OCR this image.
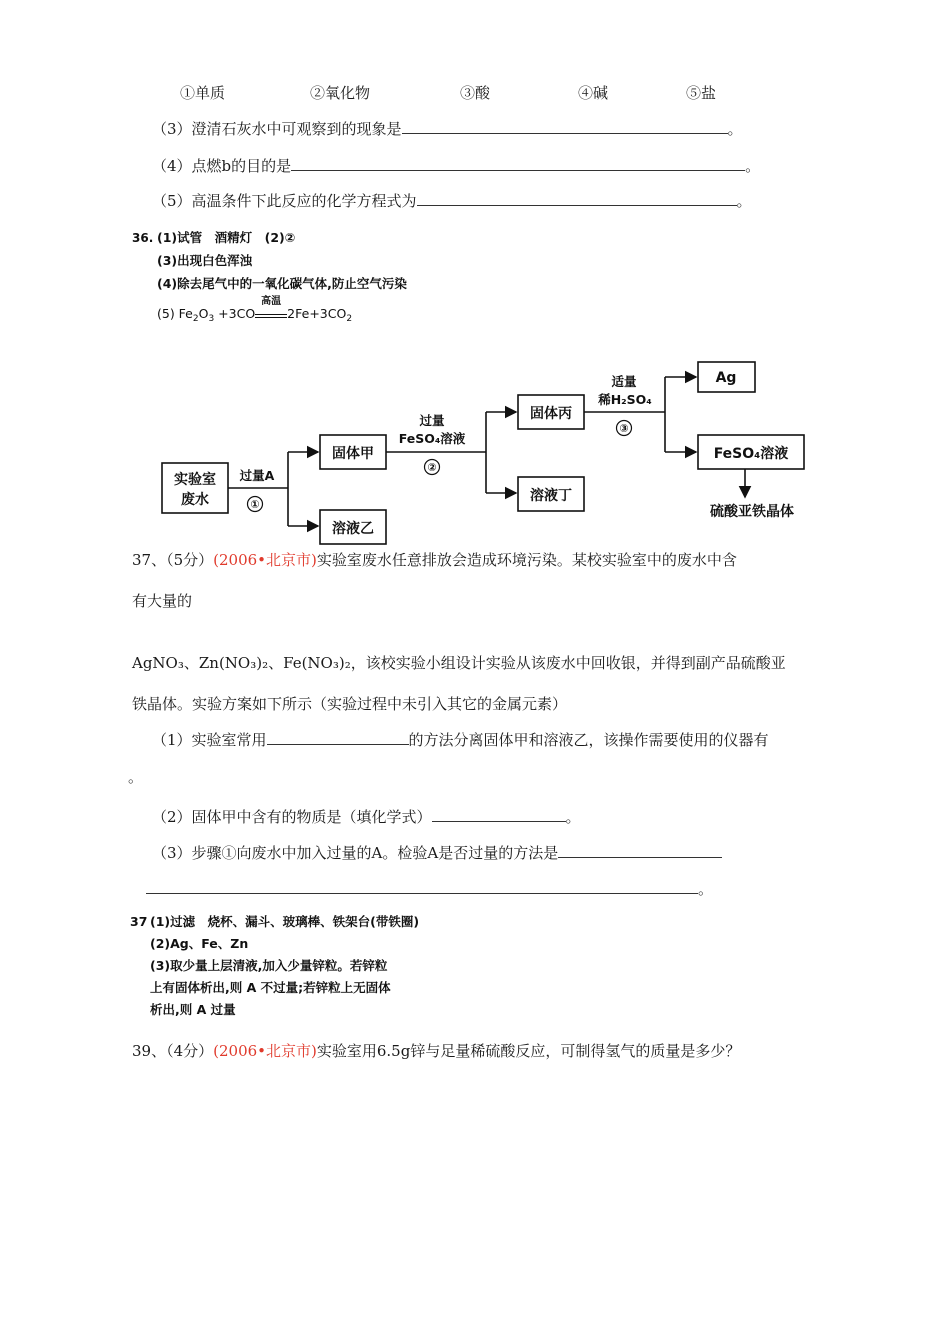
①单质	②氧化物	③酸	④碱	⑤盐
（3）澄清石灰水中可观察到的现象是	。
（4）点燃b的目的是	。
（5）高温条件下此反应的化学方程式为	。
36. (1)试管　酒精灯　(2)②
(3)出现白色浑浊
(4)除去尾气中的一氧化碳气体,防止空气污染
(5) $Fe_2O_3 +3CO$
高温
$2Fe+3CO_2$
实验室
废水
固体甲
溶液乙
固体丙
溶液丁
Ag
FeSO₄溶液
硫酸亚铁晶体
过量A
过量
FeSO₄溶液
适量
稀H₂SO₄
①
②
③
37、（5分）(2006•北京市)实验室废水任意排放会造成环境污染。某校实验室中的废水中含
有大量的
AgNO₃、Zn(NO₃)₂、Fe(NO₃)₂，该校实验小组设计实验从该废水中回收银，并得到副产品硫酸亚
铁晶体。实验方案如下所示（实验过程中未引入其它的金属元素）
（1）实验室常用	的方法分离固体甲和溶液乙，该操作需要使用的仪器有
。
（2）固体甲中含有的物质是（填化学式）	。
（3）步骤①向废水中加入过量的A。检验A是否过量的方法是
。
37 (1)过滤　烧杯、漏斗、玻璃棒、铁架台(带铁圈)
(2)Ag、Fe、Zn
(3)取少量上层清液,加入少量锌粒。若锌粒
上有固体析出,则 A 不过量;若锌粒上无固体
析出,则 A 过量
39、（4分）(2006•北京市)实验室用6.5g锌与足量稀硫酸反应，可制得氢气的质量是多少？
